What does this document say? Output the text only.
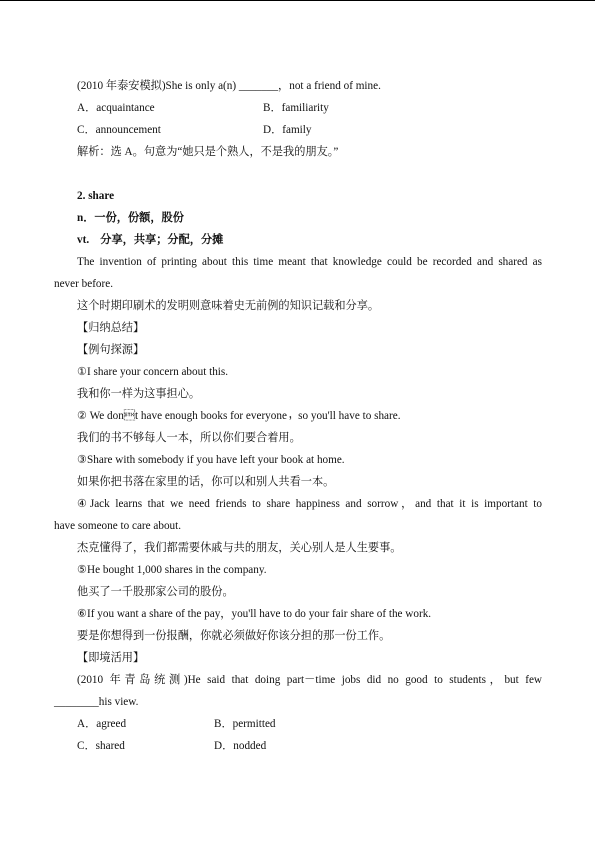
(2010 年泰安模拟)She is only a(n) _______，not a friend of mine.
A．acquaintance	B．familiarity
C．announcement	D．family
解析：选 A。句意为“她只是个熟人，不是我的朋友。”
2. share
n．一份，份额，股份
vt.　分享，共享；分配，分摊
The invention of printing about this time meant that knowledge could be recorded and shared as
never before.
这个时期印刷术的发明则意味着史无前例的知识记载和分享。
【归纳总结】
【例句探源】
①I share your concern about this.
我和你一样为这事担心。
② We dont have enough books for everyone，so you'll have to share.
我们的书不够每人一本，所以你们要合着用。
③Share with somebody if you have left your book at home.
如果你把书落在家里的话，你可以和别人共看一本。
④Jack learns that we need friends to share happiness and sorrow，and that it is important to
have someone to care about.
杰克懂得了，我们都需要休戚与共的朋友，关心别人是人生要事。
⑤He bought 1,000 shares in the company.
他买了一千股那家公司的股份。
⑥If you want a share of the pay，you'll have to do your fair share of the work.
要是你想得到一份报酬，你就必须做好你该分担的那一份工作。
【即境活用】
(2010 年青岛统测)He said that doing part－time jobs did no good to students，but few
________his view.
A．agreed	B．permitted
C．shared	D．nodded
